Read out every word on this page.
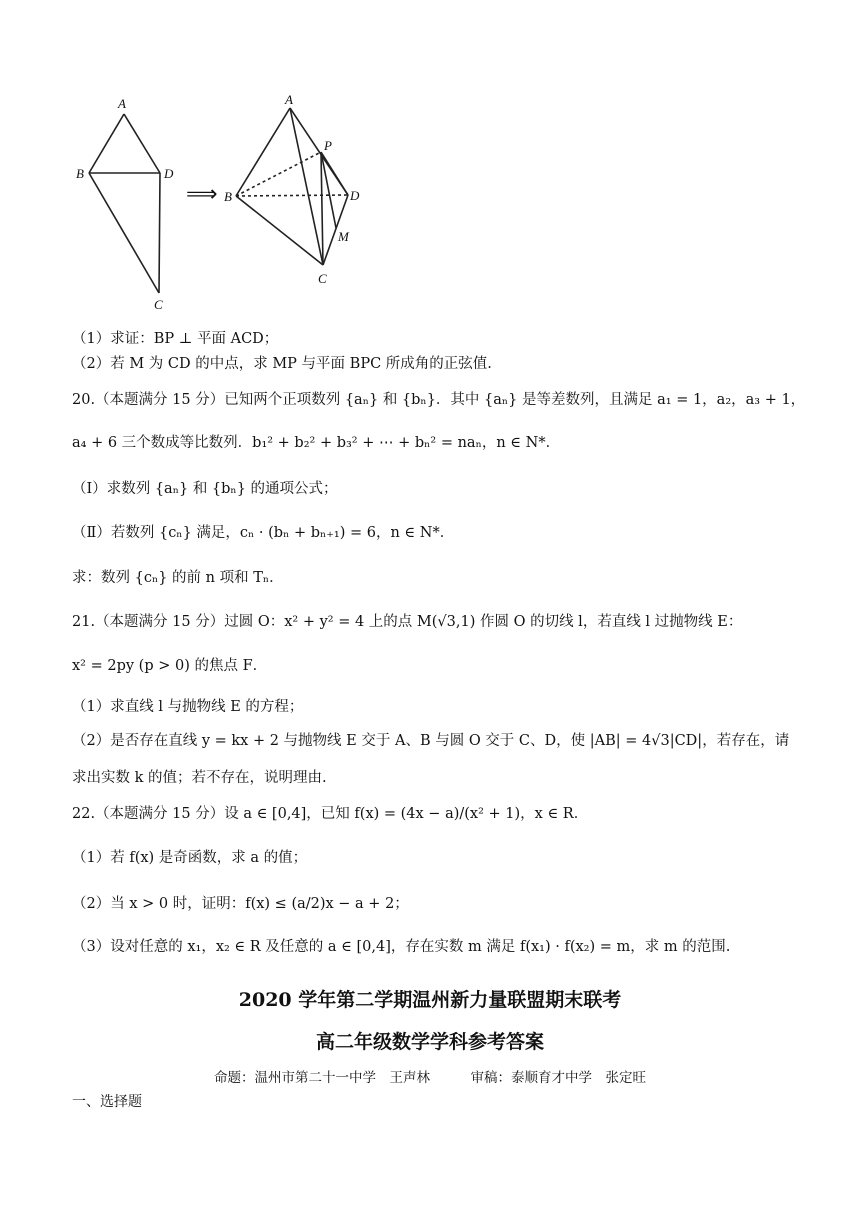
A
B	D
C
⟹
A
P
B	D
M
C
（1）求证：BP ⊥ 平面 ACD；
（2）若 M 为 CD 的中点，求 MP 与平面 BPC 所成角的正弦值.
20.（本题满分 15 分）已知两个正项数列 {aₙ} 和 {bₙ}．其中 {aₙ} 是等差数列，且满足 a₁ = 1，a₂，a₃ + 1，
a₄ + 6 三个数成等比数列．b₁² + b₂² + b₃² + ⋯ + bₙ² = naₙ，n ∈ N*．
（Ⅰ）求数列 {aₙ} 和 {bₙ} 的通项公式；
（Ⅱ）若数列 {cₙ} 满足，cₙ · (bₙ + bₙ₊₁) = 6，n ∈ N*．
求：数列 {cₙ} 的前 n 项和 Tₙ．
21.（本题满分 15 分）过圆 O：x² + y² = 4 上的点 M(√3,1) 作圆 O 的切线 l，若直线 l 过抛物线 E：
x² = 2py (p > 0) 的焦点 F．
（1）求直线 l 与抛物线 E 的方程；
（2）是否存在直线 y = kx + 2 与抛物线 E 交于 A、B 与圆 O 交于 C、D，使 |AB| = 4√3|CD|，若存在，请
求出实数 k 的值；若不存在，说明理由.
22.（本题满分 15 分）设 a ∈ [0,4]，已知 f(x) = (4x − a)/(x² + 1)，x ∈ R．
（1）若 f(x) 是奇函数，求 a 的值；
（2）当 x > 0 时，证明：f(x) ≤ (a/2)x − a + 2；
（3）设对任意的 x₁，x₂ ∈ R 及任意的 a ∈ [0,4]，存在实数 m 满足 f(x₁) · f(x₂) = m，求 m 的范围.
2020 学年第二学期温州新力量联盟期末联考
高二年级数学学科参考答案
命题：温州市第二十一中学　王声林　　　审稿：泰顺育才中学　张定旺
一、选择题
